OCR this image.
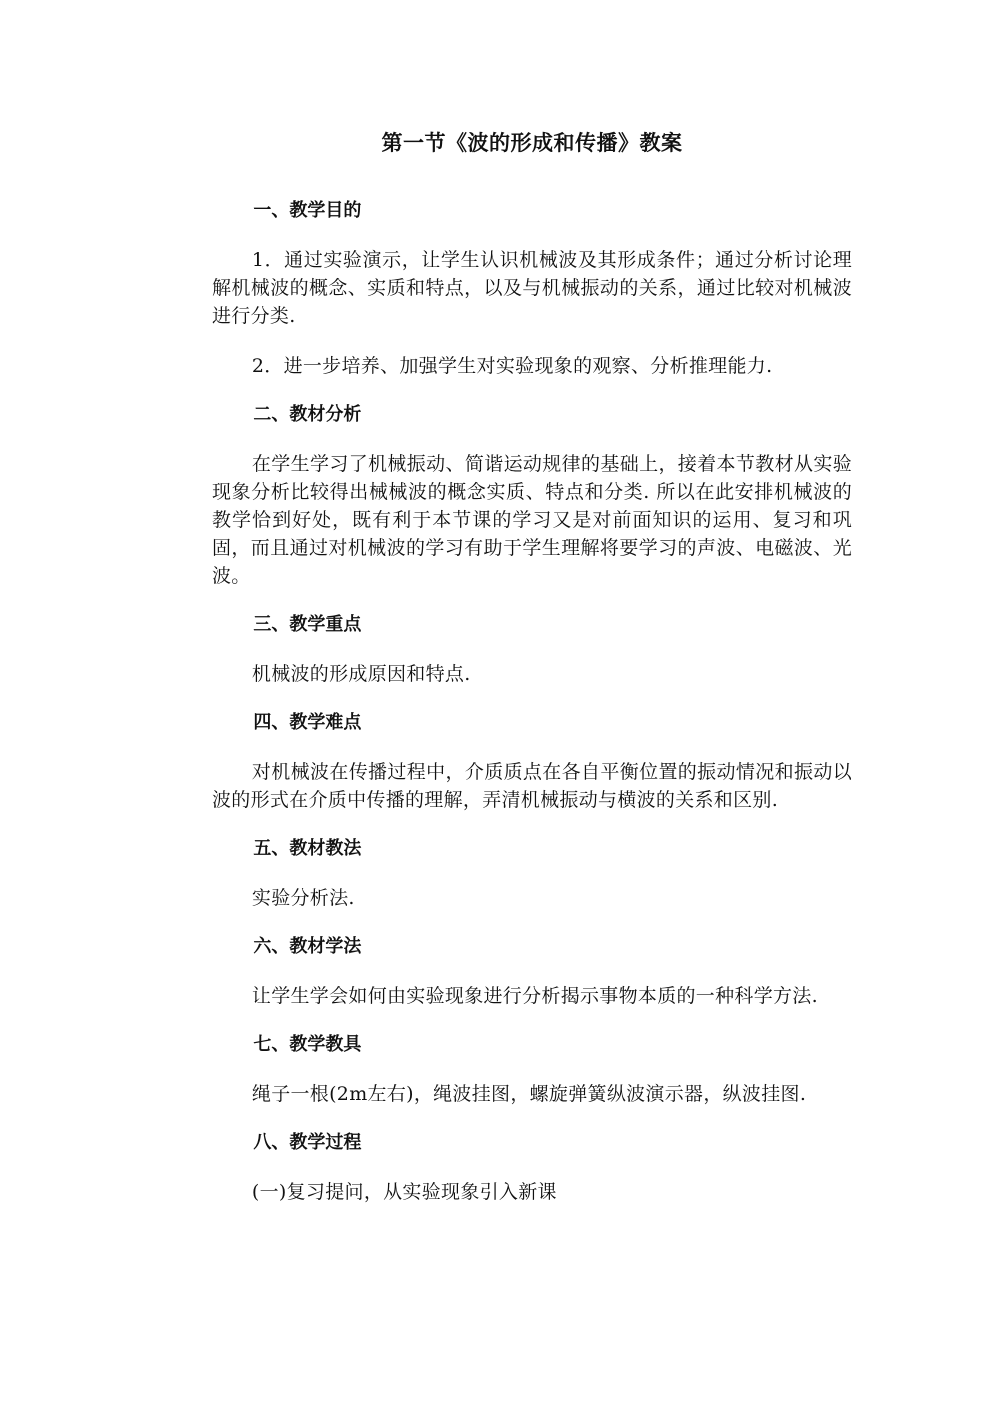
第一节《波的形成和传播》教案
一、教学目的
1．通过实验演示，让学生认识机械波及其形成条件；通过分析讨论理解机械波的概念、实质和特点，以及与机械振动的关系，通过比较对机械波进行分类.
2．进一步培养、加强学生对实验现象的观察、分析推理能力.
二、教材分析
在学生学习了机械振动、简谐运动规律的基础上，接着本节教材从实验现象分析比较得出械械波的概念实质、特点和分类. 所以在此安排机械波的教学恰到好处，既有利于本节课的学习又是对前面知识的运用、复习和巩固，而且通过对机械波的学习有助于学生理解将要学习的声波、电磁波、光波。
三、教学重点
机械波的形成原因和特点.
四、教学难点
对机械波在传播过程中，介质质点在各自平衡位置的振动情况和振动以波的形式在介质中传播的理解，弄清机械振动与横波的关系和区别.
五、教材教法
实验分析法.
六、教材学法
让学生学会如何由实验现象进行分析揭示事物本质的一种科学方法.
七、教学教具
绳子一根(2m左右)，绳波挂图，螺旋弹簧纵波演示器，纵波挂图.
八、教学过程
(一)复习提问，从实验现象引入新课
